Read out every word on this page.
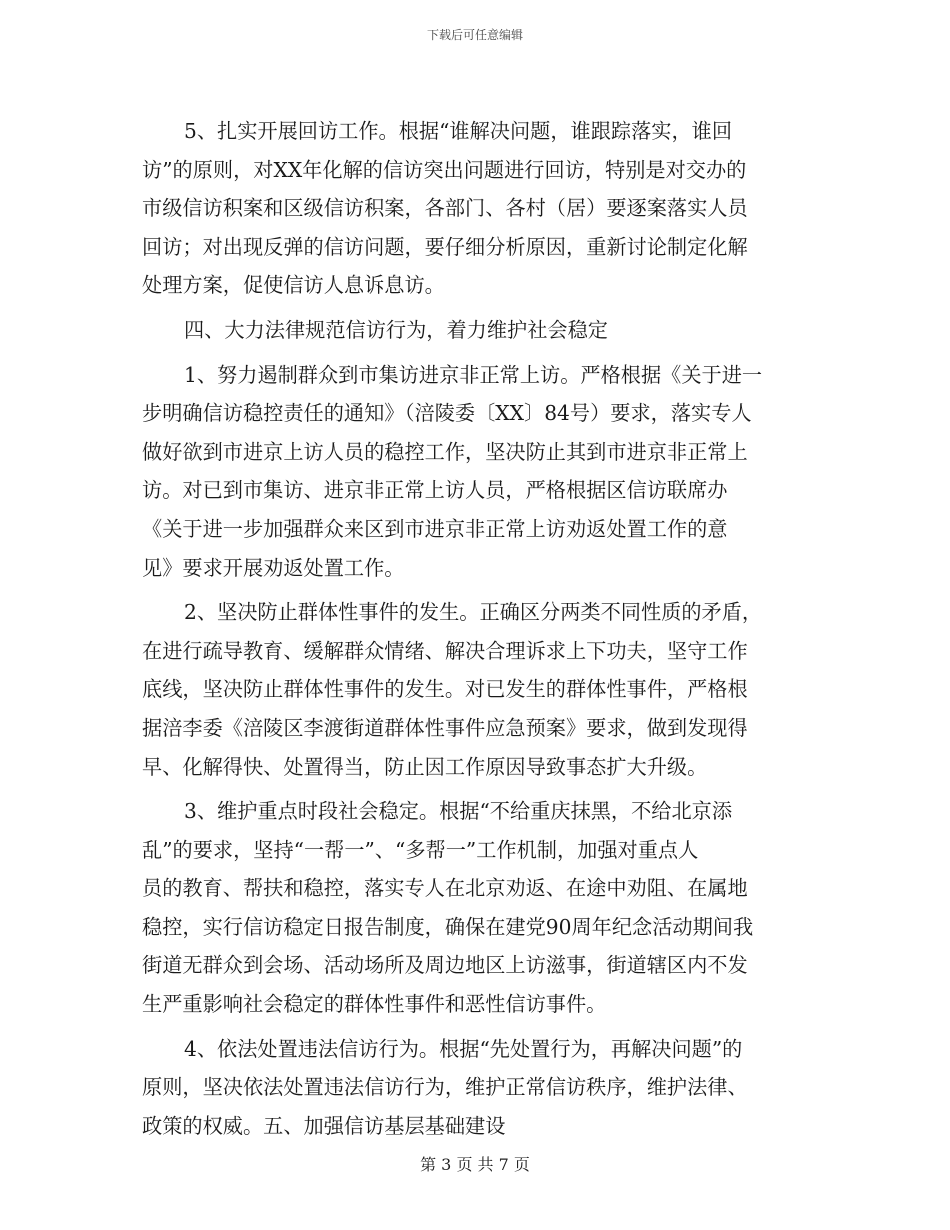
下载后可任意编辑
5、扎实开展回访工作。根据“谁解决问题，谁跟踪落实，谁回
访”的原则，对XX年化解的信访突出问题进行回访，特别是对交办的
市级信访积案和区级信访积案，各部门、各村（居）要逐案落实人员
回访；对出现反弹的信访问题，要仔细分析原因，重新讨论制定化解
处理方案，促使信访人息诉息访。
四、大力法律规范信访行为，着力维护社会稳定
1、努力遏制群众到市集访进京非正常上访。严格根据《关于进一
步明确信访稳控责任的通知》（涪陵委〔XX〕84号）要求，落实专人
做好欲到市进京上访人员的稳控工作，坚决防止其到市进京非正常上
访。对已到市集访、进京非正常上访人员，严格根据区信访联席办
《关于进一步加强群众来区到市进京非正常上访劝返处置工作的意
见》要求开展劝返处置工作。
2、坚决防止群体性事件的发生。正确区分两类不同性质的矛盾，
在进行疏导教育、缓解群众情绪、解决合理诉求上下功夫，坚守工作
底线，坚决防止群体性事件的发生。对已发生的群体性事件，严格根
据涪李委《涪陵区李渡街道群体性事件应急预案》要求，做到发现得
早、化解得快、处置得当，防止因工作原因导致事态扩大升级。
3、维护重点时段社会稳定。根据“不给重庆抹黑，不给北京添
乱”的要求，坚持“一帮一”、“多帮一”工作机制，加强对重点人
员的教育、帮扶和稳控，落实专人在北京劝返、在途中劝阻、在属地
稳控，实行信访稳定日报告制度，确保在建党90周年纪念活动期间我
街道无群众到会场、活动场所及周边地区上访滋事，街道辖区内不发
生严重影响社会稳定的群体性事件和恶性信访事件。
4、依法处置违法信访行为。根据“先处置行为，再解决问题”的
原则，坚决依法处置违法信访行为，维护正常信访秩序，维护法律、
政策的权威。五、加强信访基层基础建设
第 3 页 共 7 页
